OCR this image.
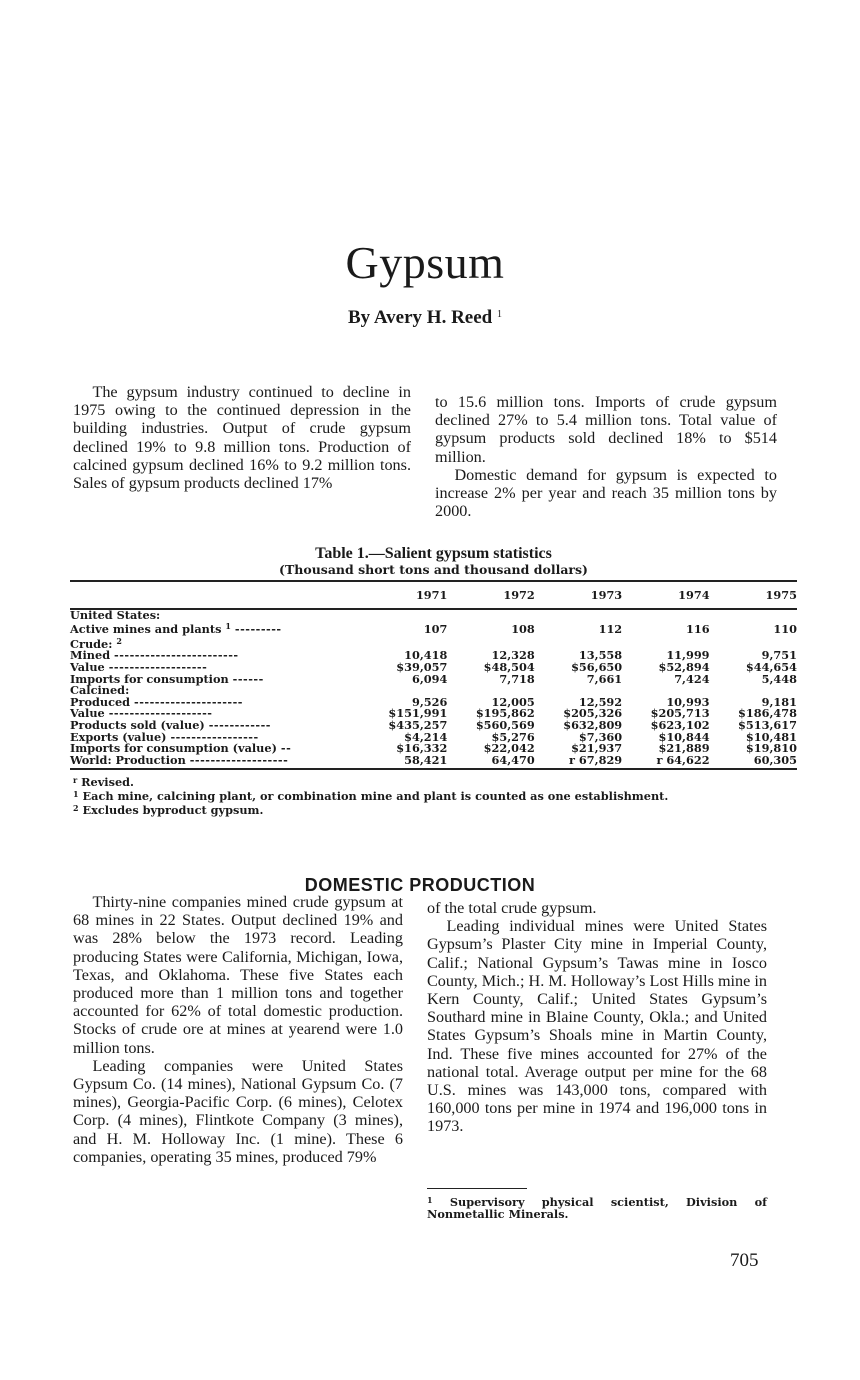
Gypsum
By Avery H. Reed $^1$

The gypsum industry continued to decline in 1975 owing to the continued depression in the building industries. Output of crude gypsum declined 19% to 9.8 million tons. Production of calcined gypsum declined 16% to 9.2 million tons. Sales of gypsum products declined 17%

to 15.6 million tons. Imports of crude gypsum declined 27% to 5.4 million tons. Total value of gypsum products sold declined 18% to $514 million.

Domestic demand for gypsum is expected to increase 2% per year and reach 35 million tons by 2000.

Table 1.—Salient gypsum statistics
(Thousand short tons and thousand dollars)
	1971	1972	1973	1974	1975
United States:					
Active mines and plants $^1$ ---------	107	108	112	116	110
Crude: $^2$					
Mined ------------------------	10,418	12,328	13,558	11,999	9,751
Value -------------------	$39,057	$48,504	$56,650	$52,894	$44,654
Imports for consumption ------	6,094	7,718	7,661	7,424	5,448
Calcined:					
Produced ---------------------	9,526	12,005	12,592	10,993	9,181
Value --------------------	$151,991	$195,862	$205,326	$205,713	$186,478
Products sold (value) ------------	$435,257	$560,569	$632,809	$623,102	$513,617
Exports (value) -----------------	$4,214	$5,276	$7,360	$10,844	$10,481
Imports for consumption (value) --	$16,332	$22,042	$21,937	$21,889	$19,810
World: Production -------------------	58,421	64,470	r 67,829	r 64,622	60,305
$^r$ Revised.
$^1$ Each mine, calcining plant, or combination mine and plant is counted as one establishment.
$^2$ Excludes byproduct gypsum.
DOMESTIC PRODUCTION

Thirty-nine companies mined crude gypsum at 68 mines in 22 States. Output declined 19% and was 28% below the 1973 record. Leading producing States were California, Michigan, Iowa, Texas, and Oklahoma. These five States each produced more than 1 million tons and together accounted for 62% of total domestic production. Stocks of crude ore at mines at yearend were 1.0 million tons.

Leading companies were United States Gypsum Co. (14 mines), National Gypsum Co. (7 mines), Georgia-Pacific Corp. (6 mines), Celotex Corp. (4 mines), Flintkote Company (3 mines), and H. M. Holloway Inc. (1 mine). These 6 companies, operating 35 mines, produced 79%

of the total crude gypsum.

Leading individual mines were United States Gypsum’s Plaster City mine in Imperial County, Calif.; National Gypsum’s Tawas mine in Iosco County, Mich.; H. M. Holloway’s Lost Hills mine in Kern County, Calif.; United States Gypsum’s Southard mine in Blaine County, Okla.; and United States Gypsum’s Shoals mine in Martin County, Ind. These five mines accounted for 27% of the national total. Average output per mine for the 68 U.S. mines was 143,000 tons, compared with 160,000 tons per mine in 1974 and 196,000 tons in 1973.

$^1$ Supervisory physical scientist, Division of Nonmetallic Minerals.
705
